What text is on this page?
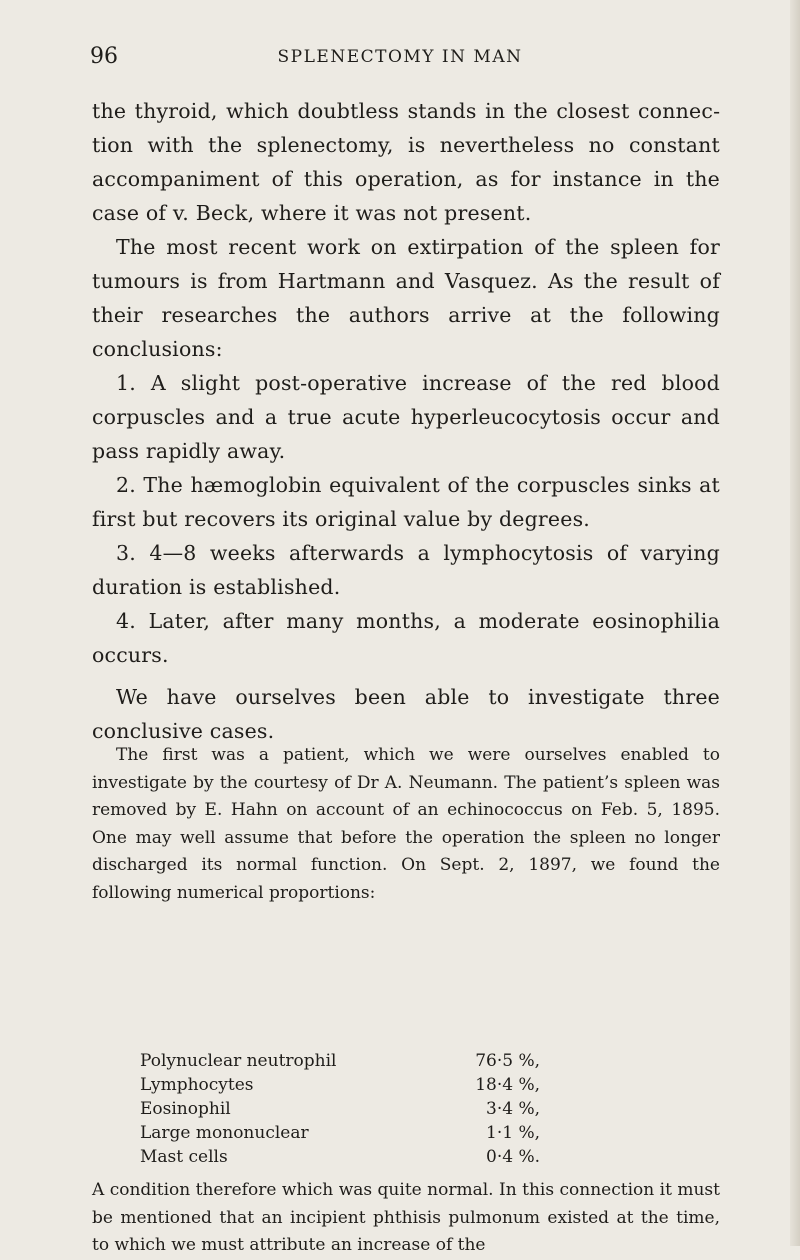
96	SPLENECTOMY IN MAN

the thyroid, which doubtless stands in the closest connection with the splenectomy, is nevertheless no constant accompaniment of this operation, as for instance in the case of v. Beck, where it was not present.

The most recent work on extirpation of the spleen for tumours is from Hartmann and Vasquez. As the result of their researches the authors arrive at the following conclusions:

1. A slight post-operative increase of the red blood corpuscles and a true acute hyperleucocytosis occur and pass rapidly away.

2. The hæmoglobin equivalent of the corpuscles sinks at first but recovers its original value by degrees.

3. 4—8 weeks afterwards a lymphocytosis of varying duration is established.

4. Later, after many months, a moderate eosinophilia occurs.

We have ourselves been able to investigate three conclusive cases.

The first was a patient, which we were ourselves enabled to investigate by the courtesy of Dr A. Neumann. The patient’s spleen was removed by E. Hahn on account of an echinococcus on Feb. 5, 1895. One may well assume that before the operation the spleen no longer discharged its normal function. On Sept. 2, 1897, we found the following numerical proportions:

Polynuclear neutrophil	76·5 %,
Lymphocytes	18·4 %,
Eosinophil	3·4 %,
Large mononuclear	1·1 %,
Mast cells	0·4 %.

A condition therefore which was quite normal. In this connection it must be mentioned that an incipient phthisis pulmonum existed at the time, to which we must attribute an increase of the
